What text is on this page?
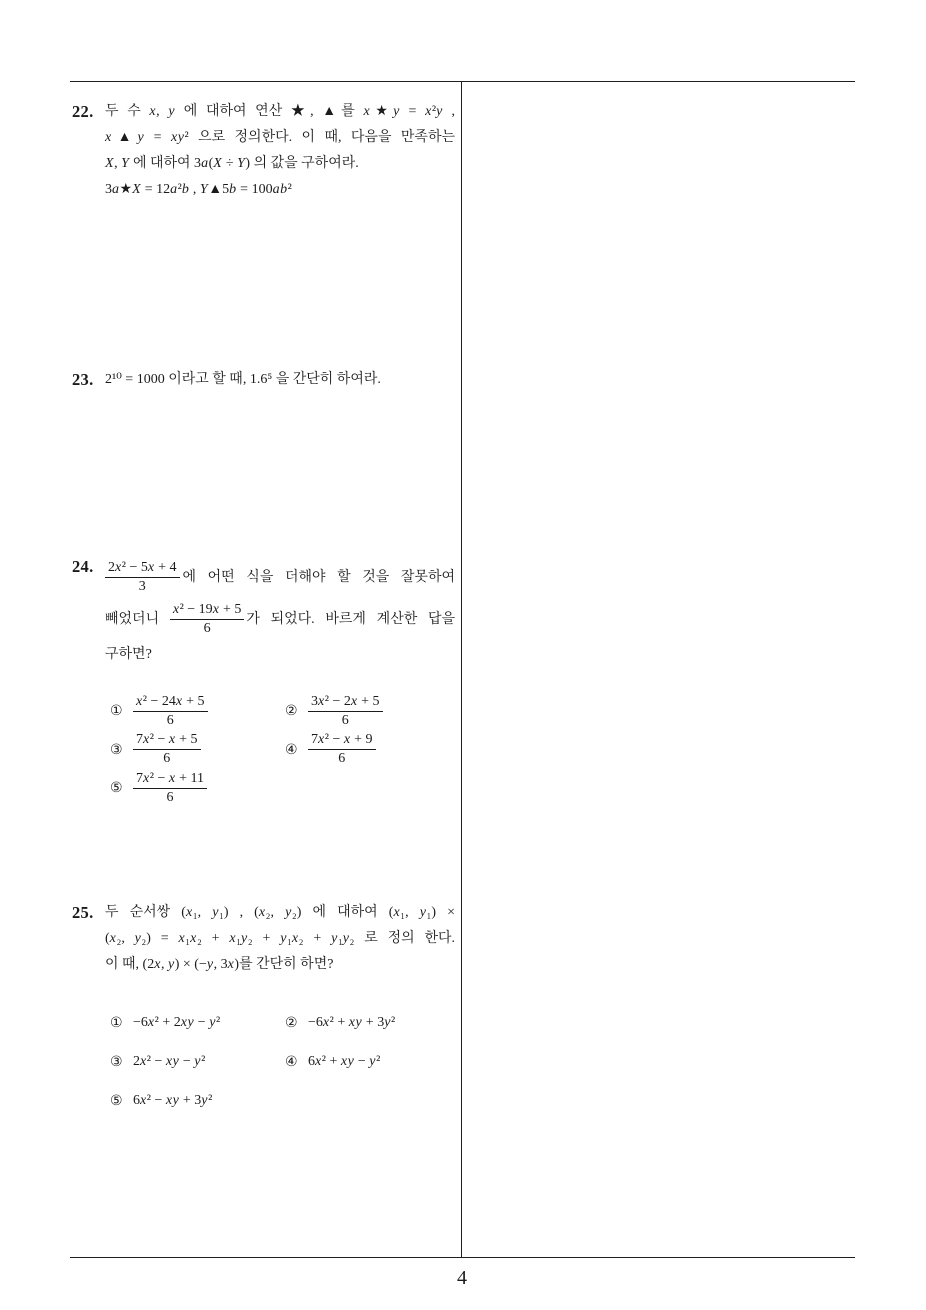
22. 두 수 x, y 에 대하여 연산 ★, ▲를 x★y = x²y ,
x▲y = xy² 으로 정의한다. 이 때, 다음을 만족하는
X, Y 에 대하여 3a(X ÷ Y) 의 값을 구하여라.
3a★X = 12a²b , Y▲5b = 100ab²
23. 2¹⁰ = 1000 이라고 할 때, 1.6⁵ 을 간단히 하여라.
24. $\frac{\text{2x² − 5x + 4}}{3}$ 에 어떤 식을 더해야 할 것을 잘못하여
빼었더니 $\frac{\text{x² − 19x + 5}}{6}$ 가 되었다. 바르게 계산한 답을
구하면?
① $\frac{\text{x² − 24x + 5}}{6}$	② $\frac{\text{3x² − 2x + 5}}{6}$
③ $\frac{\text{7x² − x + 5}}{6}$	④ $\frac{\text{7x² − x + 9}}{6}$
⑤ $\frac{\text{7x² − x + 11}}{6}$
25. 두 순서쌍 (x₁, y₁) , (x₂, y₂) 에 대하여 (x₁, y₁) ×
(x₂, y₂) = x₁x₂ + x₁y₂ + y₁x₂ + y₁y₂ 로 정의 한다.
이 때, (2x, y) × (−y, 3x)를 간단히 하면?
① −6x² + 2xy − y²	② −6x² + xy + 3y²
③ 2x² − xy − y²	④ 6x² + xy − y²
⑤ 6x² − xy + 3y²
4
